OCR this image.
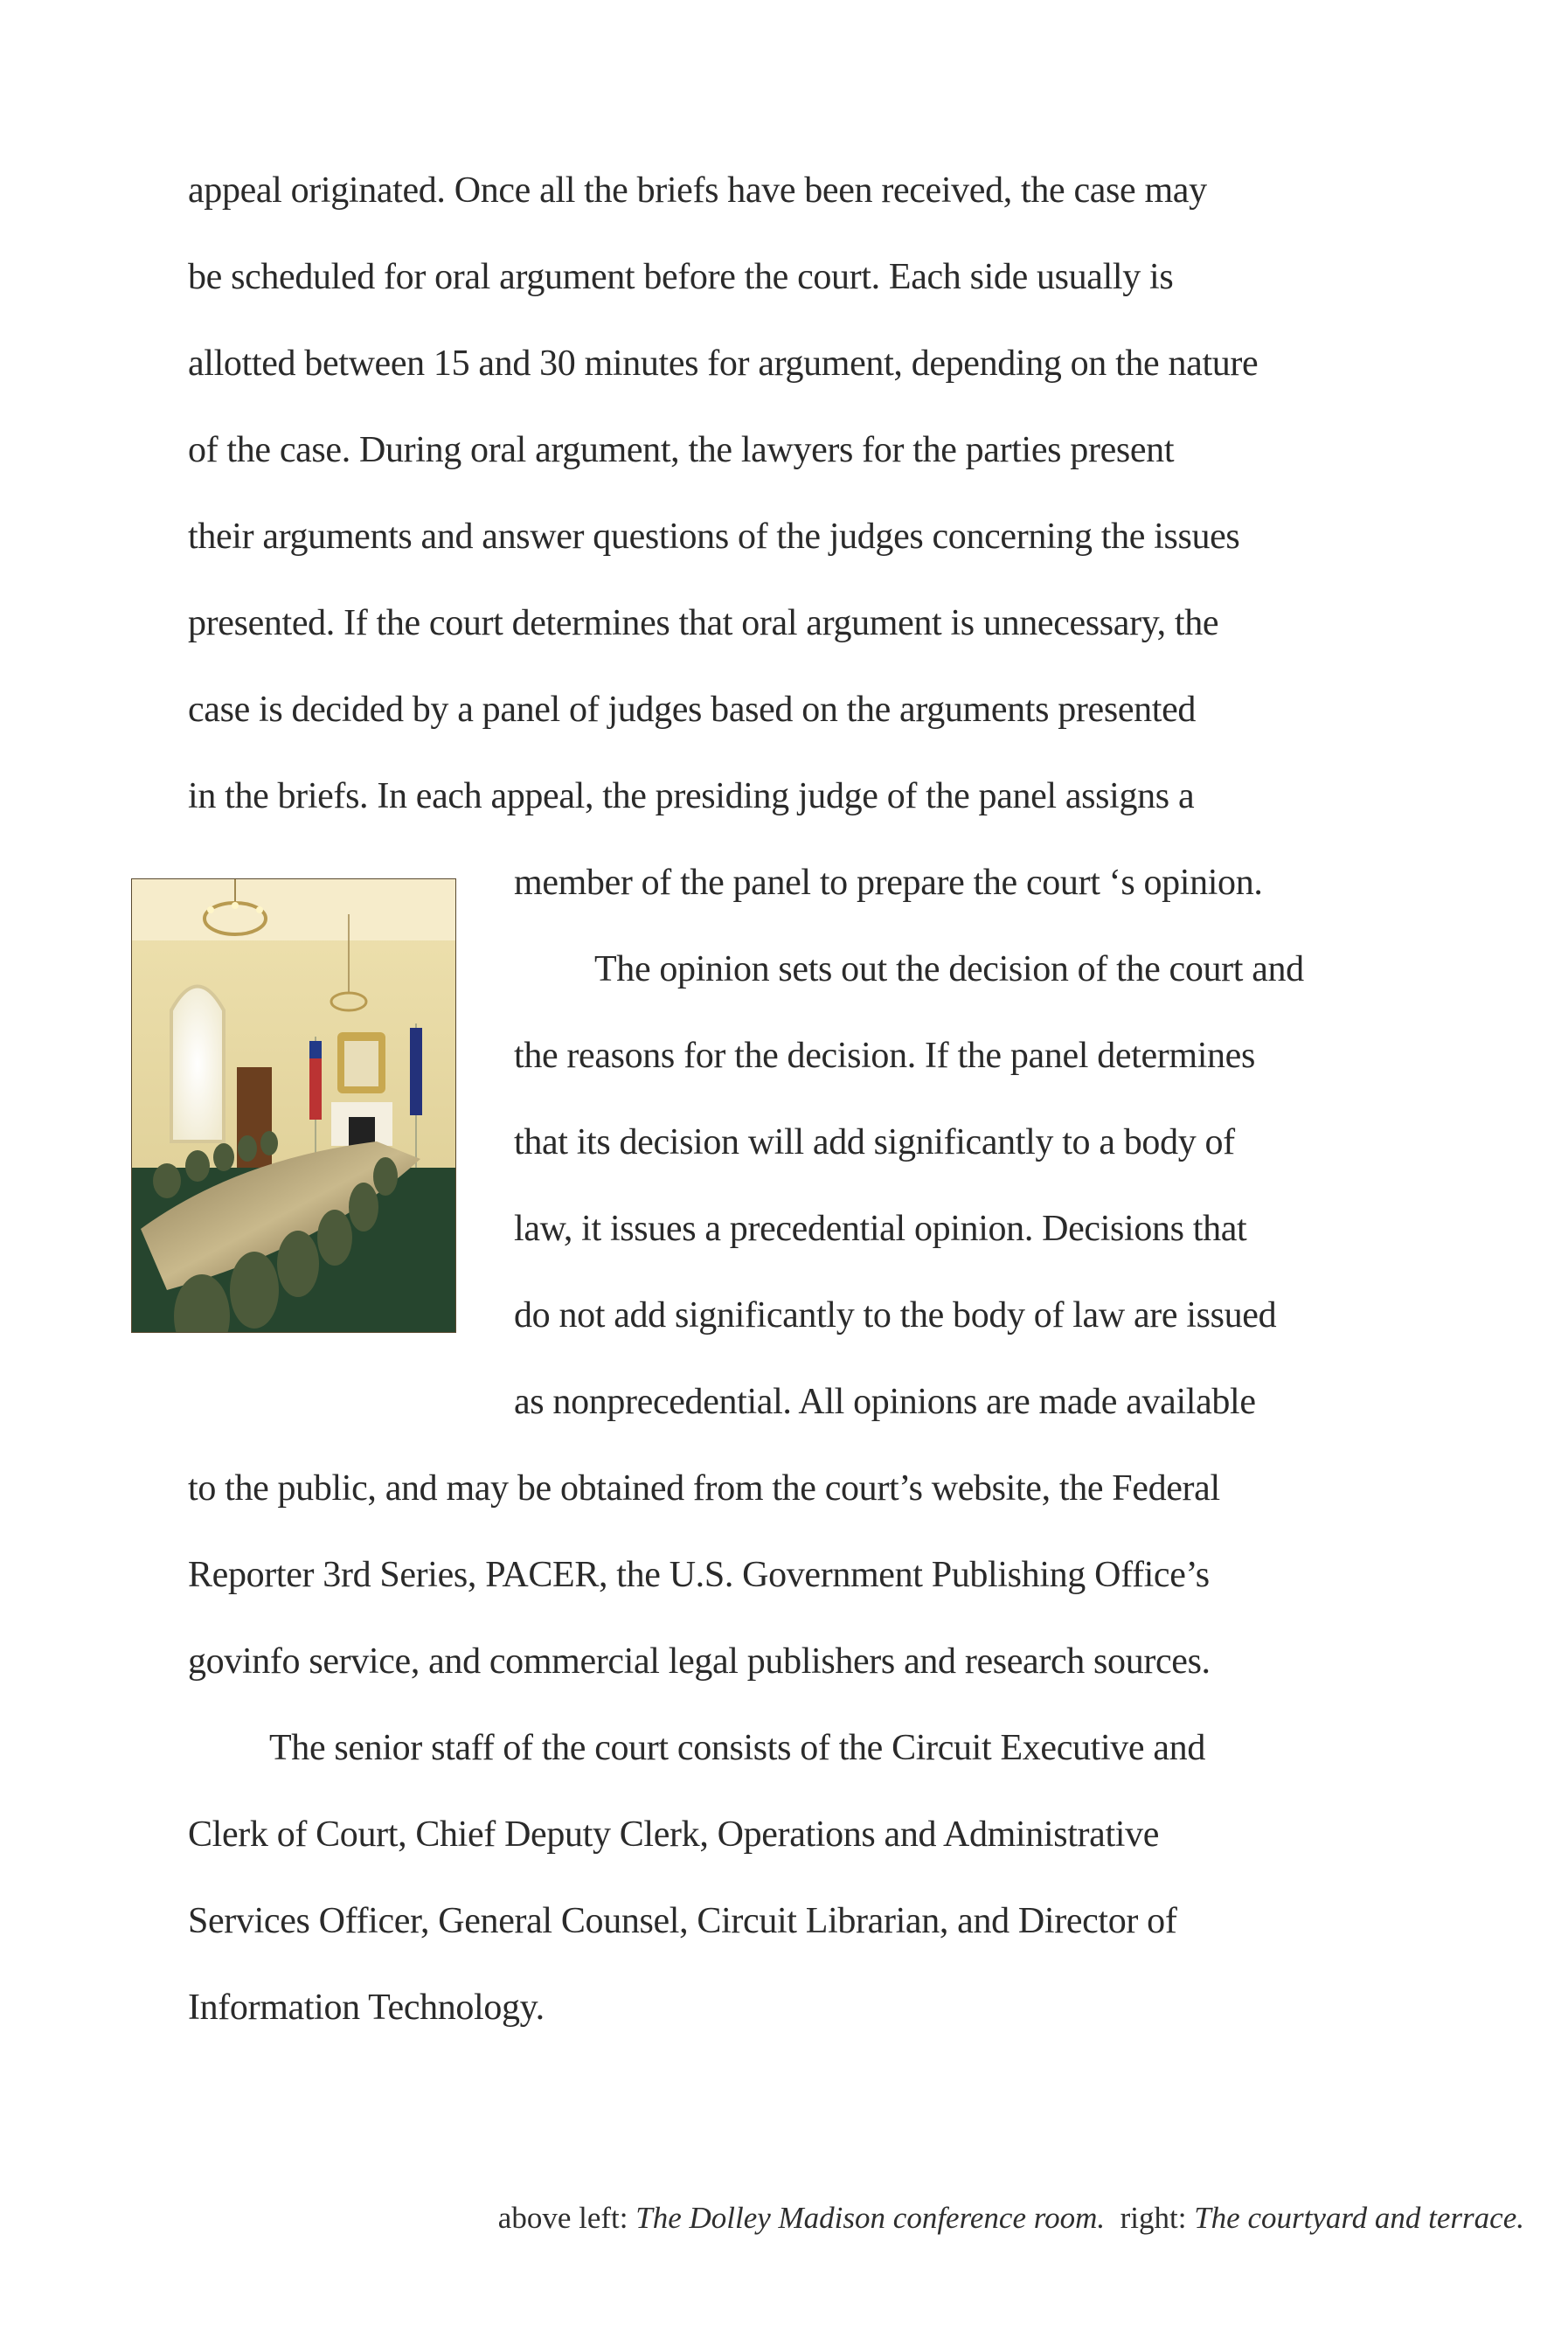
appeal originated. Once all the briefs have been received, the case may
be scheduled for oral argument before the court. Each side usually is
allotted between 15 and 30 minutes for argument, depending on the nature
of the case. During oral argument, the lawyers for the parties present
their arguments and answer questions of the judges concerning the issues
presented. If the court determines that oral argument is unnecessary, the
case is decided by a panel of judges based on the arguments presented
in the briefs. In each appeal, the presiding judge of the panel assigns a
member of the panel to prepare the court ‘s opinion.
The opinion sets out the decision of the court and
the reasons for the decision. If the panel determines
that its decision will add significantly to a body of
law, it issues a precedential opinion. Decisions that
do not add significantly to the body of law are issued
as nonprecedential. All opinions are made available
to the public, and may be obtained from the court’s website, the Federal
Reporter 3rd Series, PACER, the U.S. Government Publishing Office’s
govinfo service, and commercial legal publishers and research sources.
The senior staff of the court consists of the Circuit Executive and
Clerk of Court, Chief Deputy Clerk, Operations and Administrative
Services Officer, General Counsel, Circuit Librarian, and Director of
Information Technology.
above left: The Dolley Madison conference room.  right: The courtyard and terrace.
